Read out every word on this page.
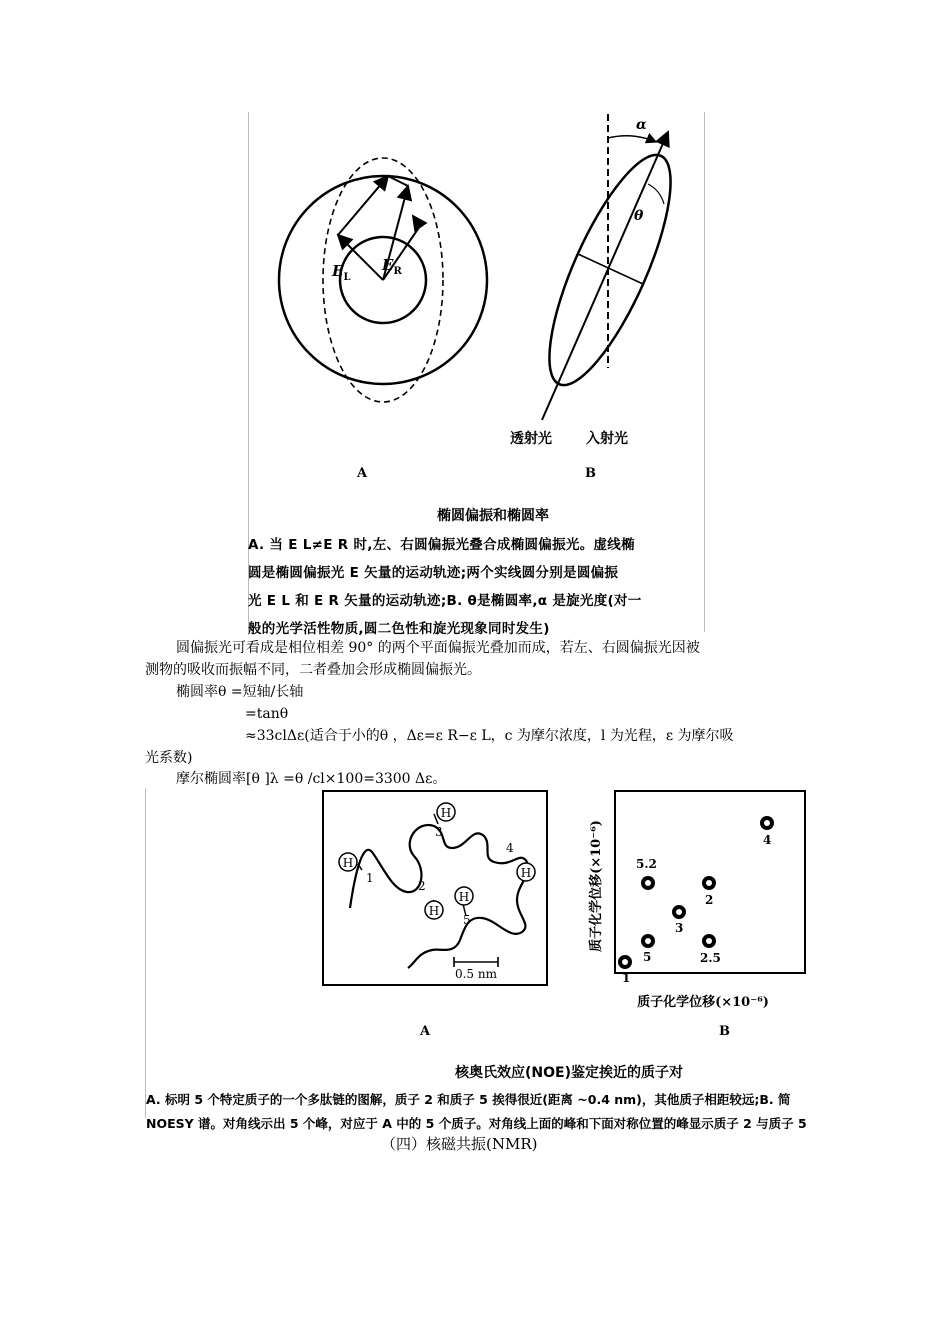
$E_L$
$E_R$
α
θ
透射光 入射光
A	B
椭圆偏振和椭圆率
A. 当 E L≠E R 时,左、右圆偏振光叠合成椭圆偏振光。虚线椭
圆是椭圆偏振光 E 矢量的运动轨迹;两个实线圆分别是圆偏振
光 E L 和 E R 矢量的运动轨迹;B. θ是椭圆率,α 是旋光度(对一
般的光学活性物质,圆二色性和旋光现象同时发生)
圆偏振光可看成是相位相差 90° 的两个平面偏振光叠加而成，若左、右圆偏振光因被
测物的吸收而振幅不同，二者叠加会形成椭圆偏振光。
椭圆率θ =短轴/长轴
=tanθ
≈33clΔε(适合于小的θ ，Δε=ε R−ε L，c 为摩尔浓度，l 为光程，ε 为摩尔吸
光系数)
摩尔椭圆率[θ ]λ =θ /cl×100=3300 Δε。
H
H
H
H
H
1
2
3
4
5
0.5 nm
质子化学位移(×10⁻⁶)
质子化学位移(×10⁻⁶)
1
5	2.5
3
5.2
2
4
A	B
核奥氏效应(NOE)鉴定挨近的质子对
A. 标明 5 个特定质子的一个多肽链的图解，质子 2 和质子 5 挨得很近(距离 ~0.4 nm)，其他质子相距较远;B. 简
NOESY 谱。对角线示出 5 个峰，对应于 A 中的 5 个质子。对角线上面的峰和下面对称位置的峰显示质子 2 与质子 5
（四）核磁共振(NMR)
